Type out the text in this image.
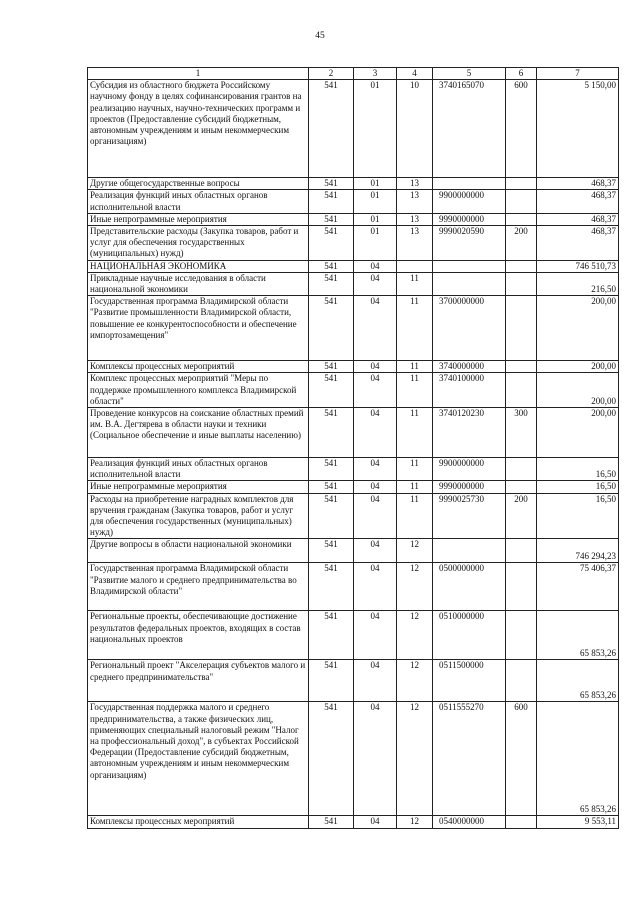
45
1	2	3	4	5	6	7
Субсидия из областного бюджета Российскому научному фонду в целях софинансирования грантов на реализацию научных, научно-технических программ и проектов (Предоставление субсидий бюджетным, автономным учреждениям и иным некоммерческим организациям)	541	01	10	3740165070	600	5 150,00
Другие общегосударственные вопросы	541	01	13			468,37
Реализация функций иных областных органов исполнительной власти	541	01	13	9900000000		468,37
Иные непрограммные мероприятия	541	01	13	9990000000		468,37
Представительские расходы (Закупка товаров, работ и услуг для обеспечения государственных (муниципальных) нужд)	541	01	13	9990020590	200	468,37
НАЦИОНАЛЬНАЯ ЭКОНОМИКА	541	04				746 510,73
Прикладные научные исследования в области национальной экономики	541	04	11			216,50
Государственная программа Владимирской области "Развитие промышленности Владимирской области, повышение ее конкурентоспособности и обеспечение импортозамещения"	541	04	11	3700000000		200,00
Комплексы процессных мероприятий	541	04	11	3740000000		200,00
Комплекс процессных мероприятий "Меры по поддержке промышленного комплекса Владимирской области"	541	04	11	3740100000		200,00
Проведение конкурсов на соискание областных премий им. В.А. Дегтярева в области науки и техники (Социальное обеспечение и иные выплаты населению)	541	04	11	3740120230	300	200,00
Реализация функций иных областных органов исполнительной власти	541	04	11	9900000000		16,50
Иные непрограммные мероприятия	541	04	11	9990000000		16,50
Расходы на приобретение наградных комплектов для вручения гражданам (Закупка товаров, работ и услуг для обеспечения государственных (муниципальных) нужд)	541	04	11	9990025730	200	16,50
Другие вопросы в области национальной экономики	541	04	12			746 294,23
Государственная программа Владимирской области "Развитие малого и среднего предпринимательства во Владимирской области"	541	04	12	0500000000		75 406,37
Региональные проекты, обеспечивающие достижение результатов федеральных проектов, входящих в состав национальных проектов	541	04	12	0510000000		65 853,26
Региональный проект "Акселерация субъектов малого и среднего предпринимательства"	541	04	12	0511500000		65 853,26
Государственная поддержка малого и среднего предпринимательства, а также физических лиц, применяющих специальный налоговый режим "Налог на профессиональный доход", в субъектах Российской Федерации (Предоставление субсидий бюджетным, автономным учреждениям и иным некоммерческим организациям)	541	04	12	0511555270	600	65 853,26
Комплексы процессных мероприятий	541	04	12	0540000000		9 553,11
